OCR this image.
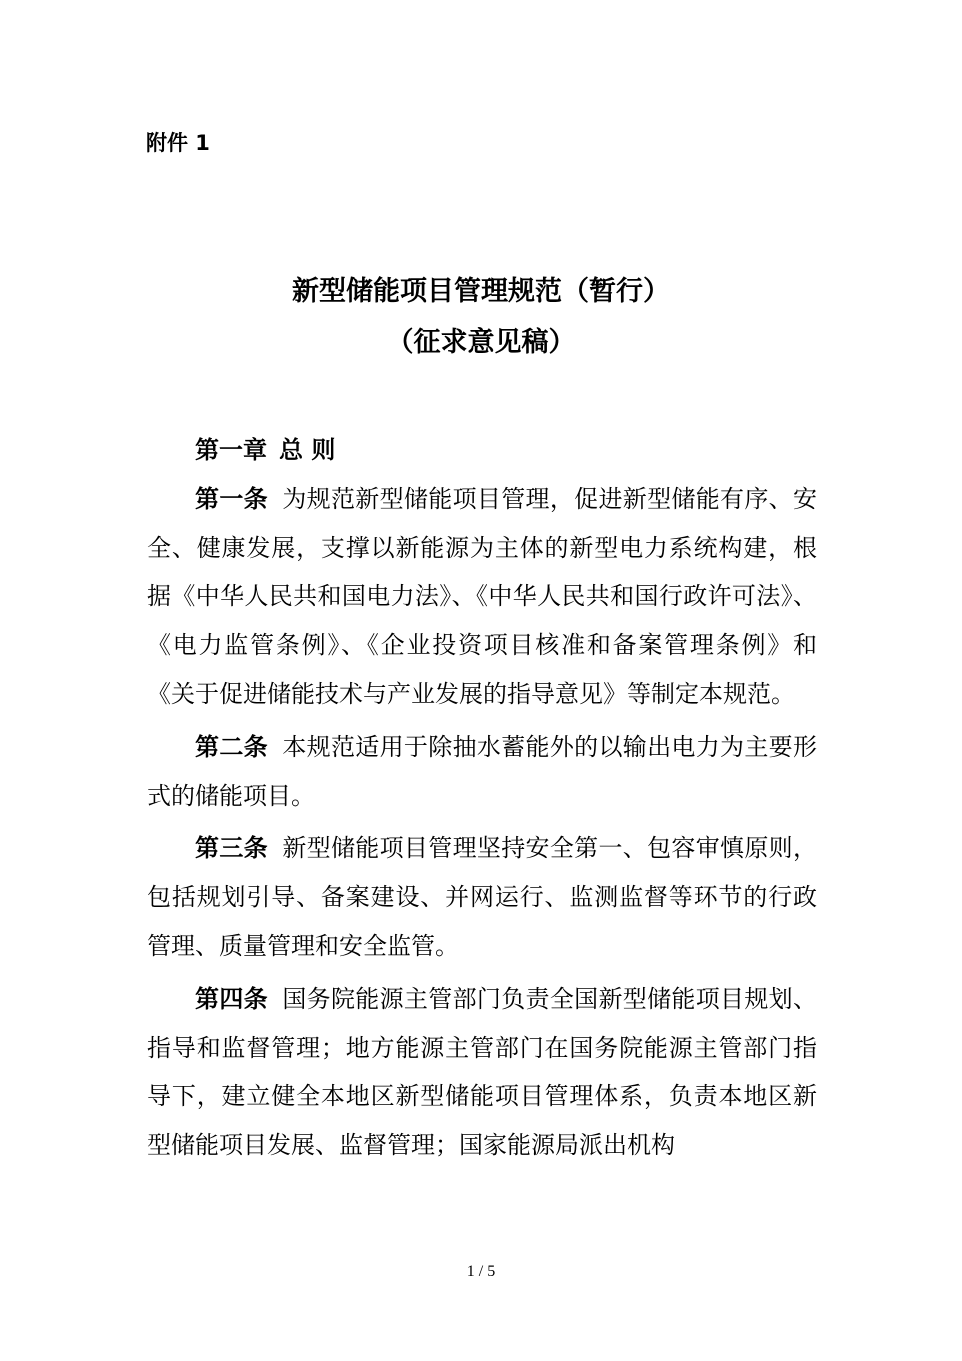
附件 1

新型储能项目管理规范（暂行）
（征求意见稿）

第一章 总 则

第一条 为规范新型储能项目管理，促进新型储能有序、安全、健康发展，支撑以新能源为主体的新型电力系统构建，根据《中华人民共和国电力法》、《中华人民共和国行政许可法》、《电力监管条例》、《企业投资项目核准和备案管理条例》和《关于促进储能技术与产业发展的指导意见》等制定本规范。

第二条 本规范适用于除抽水蓄能外的以输出电力为主要形式的储能项目。

第三条 新型储能项目管理坚持安全第一、包容审慎原则，包括规划引导、备案建设、并网运行、监测监督等环节的行政管理、质量管理和安全监管。

第四条 国务院能源主管部门负责全国新型储能项目规划、指导和监督管理；地方能源主管部门在国务院能源主管部门指导下，建立健全本地区新型储能项目管理体系，负责本地区新型储能项目发展、监督管理；国家能源局派出机构

1 / 5
